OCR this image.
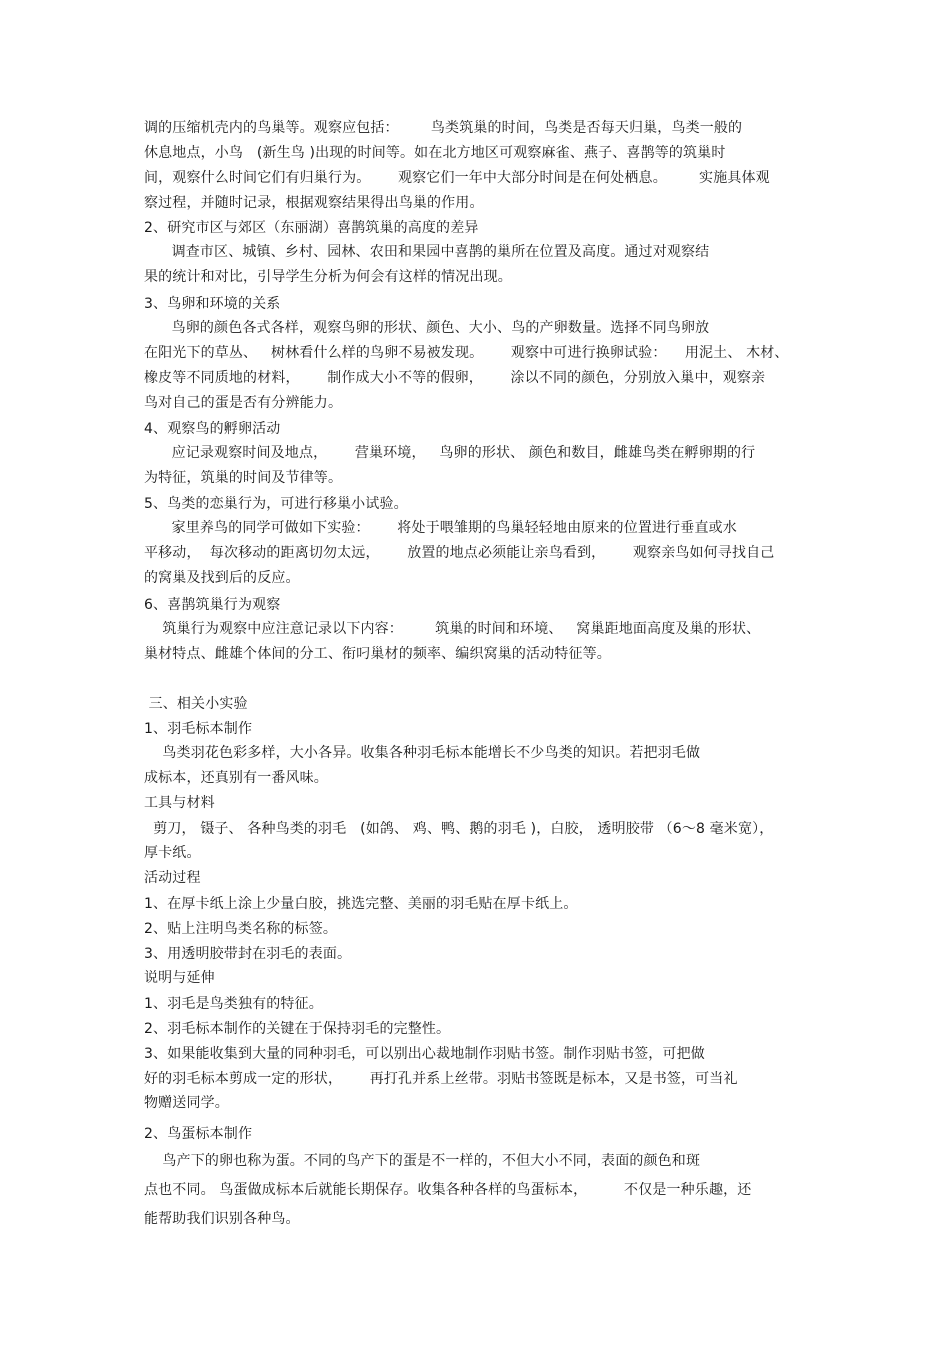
调的压缩机壳内的鸟巢等。观察应包括：       鸟类筑巢的时间，鸟类是否每天归巢，鸟类一般的
休息地点，小鸟   (新生鸟 )出现的时间等。如在北方地区可观察麻雀、燕子、喜鹊等的筑巢时
间，观察什么时间它们有归巢行为。      观察它们一年中大部分时间是在何处栖息。       实施具体观
察过程，并随时记录，根据观察结果得出鸟巢的作用。
2、研究市区与郊区（东丽湖）喜鹊筑巢的高度的差异
调查市区、城镇、乡村、园林、农田和果园中喜鹊的巢所在位置及高度。通过对观察结
果的统计和对比，引导学生分析为何会有这样的情况出现。
3、鸟卵和环境的关系
鸟卵的颜色各式各样，观察鸟卵的形状、颜色、大小、鸟的产卵数量。选择不同鸟卵放
在阳光下的草丛、   树林看什么样的鸟卵不易被发现。      观察中可进行换卵试验：    用泥土、 木材、
橡皮等不同质地的材料，      制作成大小不等的假卵，      涂以不同的颜色，分别放入巢中，观察亲
鸟对自己的蛋是否有分辨能力。
4、观察鸟的孵卵活动
应记录观察时间及地点，      营巢环境，   鸟卵的形状、 颜色和数目，雌雄鸟类在孵卵期的行
为特征，筑巢的时间及节律等。
5、鸟类的恋巢行为，可进行移巢小试验。
家里养鸟的同学可做如下实验：      将处于喂雏期的鸟巢轻轻地由原来的位置进行垂直或水
平移动，  每次移动的距离切勿太远，      放置的地点必须能让亲鸟看到，      观察亲鸟如何寻找自己
的窝巢及找到后的反应。
6、喜鹊筑巢行为观察
筑巢行为观察中应注意记录以下内容：       筑巢的时间和环境、   窝巢距地面高度及巢的形状、
巢材特点、雌雄个体间的分工、衔叼巢材的频率、编织窝巢的活动特征等。
三、相关小实验
1、羽毛标本制作
鸟类羽花色彩多样，大小各异。收集各种羽毛标本能增长不少鸟类的知识。若把羽毛做
成标本，还真别有一番风味。
工具与材料
剪刀， 镊子、 各种鸟类的羽毛   (如鸽、 鸡、鸭、鹅的羽毛 )，白胶， 透明胶带 （6～8 毫米宽），
厚卡纸。
活动过程
1、在厚卡纸上涂上少量白胶，挑选完整、美丽的羽毛贴在厚卡纸上。
2、贴上注明鸟类名称的标签。
3、用透明胶带封在羽毛的表面。
说明与延伸
1、羽毛是鸟类独有的特征。
2、羽毛标本制作的关键在于保持羽毛的完整性。
3、如果能收集到大量的同种羽毛，可以别出心裁地制作羽贴书签。制作羽贴书签，可把做
好的羽毛标本剪成一定的形状，      再打孔并系上丝带。羽贴书签既是标本，又是书签，可当礼
物赠送同学。
2、鸟蛋标本制作
鸟产下的卵也称为蛋。不同的鸟产下的蛋是不一样的，不但大小不同，表面的颜色和斑
点也不同。 鸟蛋做成标本后就能长期保存。收集各种各样的鸟蛋标本，        不仅是一种乐趣，还
能帮助我们识别各种鸟。
